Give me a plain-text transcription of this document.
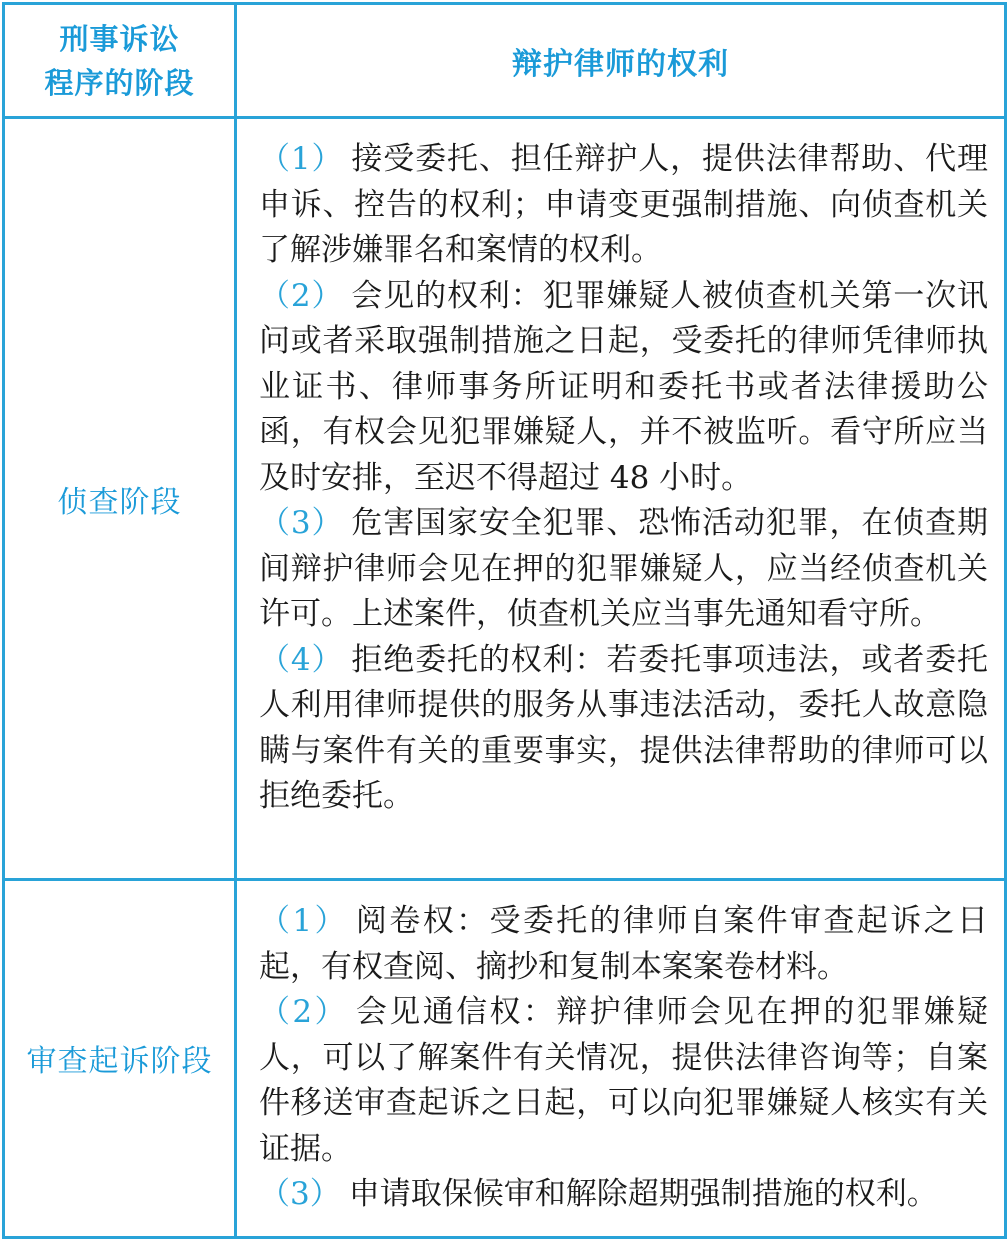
刑事诉讼
程序的阶段	辩护律师的权利
侦查阶段	（1） 接受委托、担任辩护人，提供法律帮助、代理申诉、控告的权利；申请变更强制措施、向侦查机关了解涉嫌罪名和案情的权利。

（2） 会见的权利：犯罪嫌疑人被侦查机关第一次讯问或者采取强制措施之日起，受委托的律师凭律师执业证书、律师事务所证明和委托书或者法律援助公函，有权会见犯罪嫌疑人，并不被监听。看守所应当及时安排，至迟不得超过 48 小时。

（3） 危害国家安全犯罪、恐怖活动犯罪，在侦查期间辩护律师会见在押的犯罪嫌疑人，应当经侦查机关许可。上述案件，侦查机关应当事先通知看守所。

（4） 拒绝委托的权利：若委托事项违法，或者委托人利用律师提供的服务从事违法活动，委托人故意隐瞒与案件有关的重要事实，提供法律帮助的律师可以拒绝委托。

审查起诉阶段	（1） 阅卷权：受委托的律师自案件审查起诉之日起，有权查阅、摘抄和复制本案案卷材料。

（2） 会见通信权：辩护律师会见在押的犯罪嫌疑人，可以了解案件有关情况，提供法律咨询等；自案件移送审查起诉之日起，可以向犯罪嫌疑人核实有关证据。

（3） 申请取保候审和解除超期强制措施的权利。
